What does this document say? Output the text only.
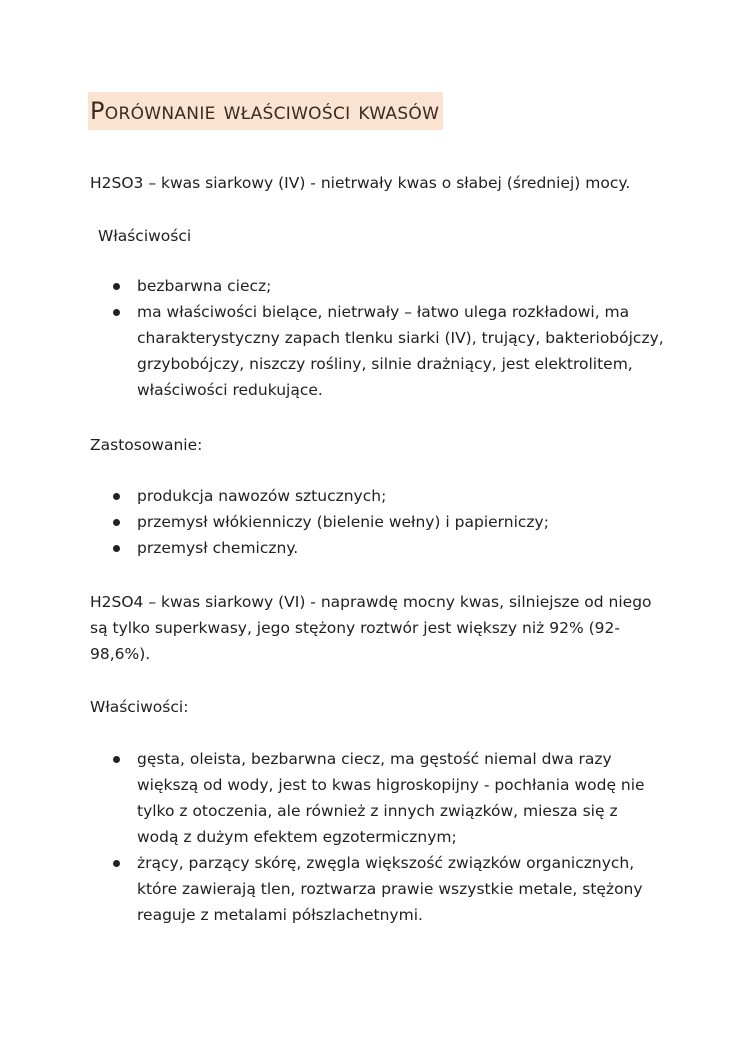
Porównanie właściwości kwasów
H2SO3 – kwas siarkowy (IV) - nietrwały kwas o słabej (średniej) mocy.
Właściwości
bezbarwna ciecz;
ma właściwości bielące, nietrwały – łatwo ulega rozkładowi, ma charakterystyczny zapach tlenku siarki (IV), trujący, bakteriobójczy, grzybobójczy, niszczy rośliny, silnie drażniący, jest elektrolitem, właściwości redukujące.
Zastosowanie:
produkcja nawozów sztucznych;
przemysł włókienniczy (bielenie wełny) i papierniczy;
przemysł chemiczny.
H2SO4 – kwas siarkowy (VI) - naprawdę mocny kwas, silniejsze od niego są tylko superkwasy, jego stężony roztwór jest większy niż 92% (92-98,6%).
Właściwości:
gęsta, oleista, bezbarwna ciecz, ma gęstość niemal dwa razy większą od wody, jest to kwas higroskopijny - pochłania wodę nie tylko z otoczenia, ale również z innych związków, miesza się z wodą z dużym efektem egzotermicznym;
żrący, parzący skórę, zwęgla większość związków organicznych, które zawierają tlen, roztwarza prawie wszystkie metale, stężony reaguje z metalami półszlachetnymi.
